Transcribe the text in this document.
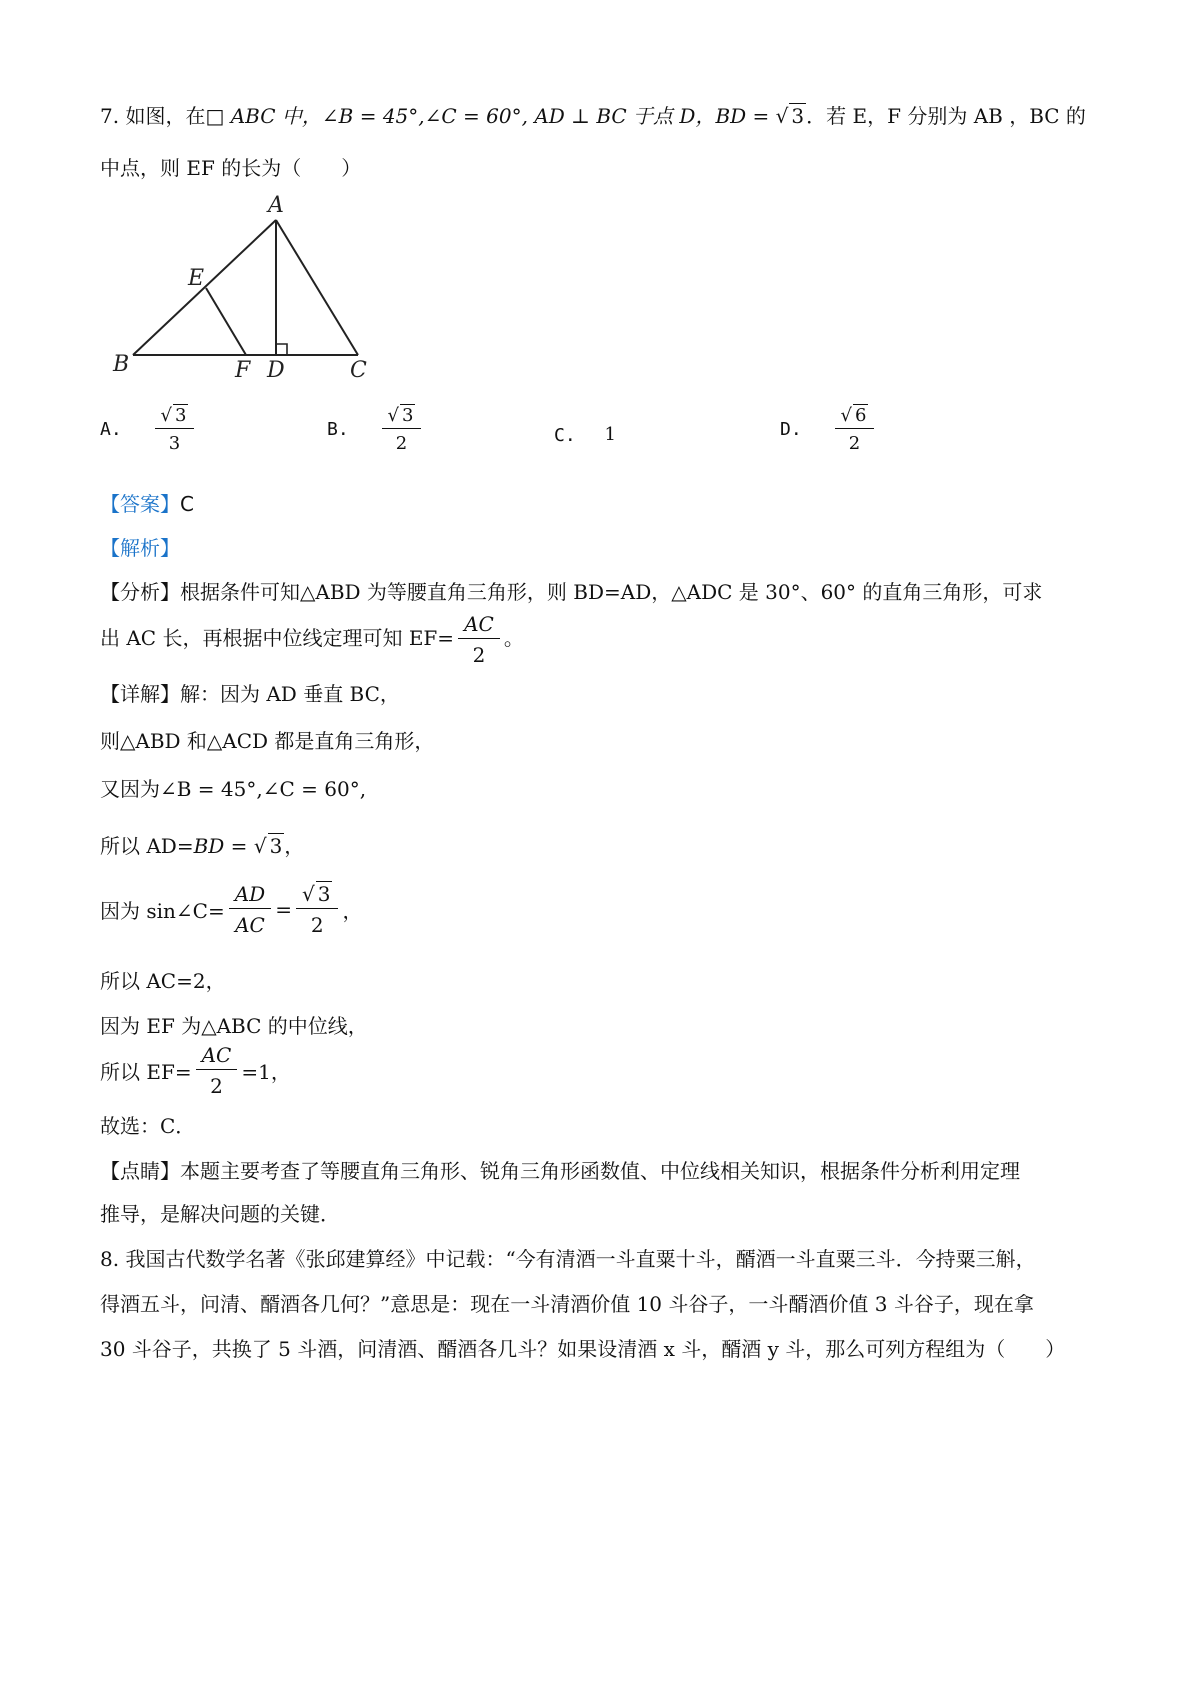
7. 如图，在□ ABC 中，∠B = 45°,∠C = 60°, AD ⊥ BC 于点 D，BD = √ 3 ．若 E，F 分别为 AB ，BC 的
中点，则 EF 的长为（　　）
A
B	C
D
E
F
A. $\frac{√ 3}{3}$	B. $\frac{√ 3}{2}$	C. 1	D. $\frac{√ 6}{2}$
【答案】C
【解析】
【分析】根据条件可知△ABD 为等腰直角三角形，则 BD=AD，△ADC 是 30°、60° 的直角三角形，可求
出 AC 长，再根据中位线定理可知 $EF= \frac{AC}{2}$ 。
【详解】解：因为 AD 垂直 BC，
则△ABD 和△ACD 都是直角三角形，
又因为∠B = 45°,∠C = 60°,
所以 AD=BD = √ 3 ，
因为 sin∠C= $\frac{AD}{AC} = \frac{√ 3}{2}$ ，
所以 AC=2，
因为 EF 为△ABC 的中位线，
所以 $EF= \frac{AC}{2} =1$，
故选：C．
【点睛】本题主要考查了等腰直角三角形、锐角三角形函数值、中位线相关知识，根据条件分析利用定理
推导，是解决问题的关键．
8. 我国古代数学名著《张邱建算经》中记载：“今有清酒一斗直粟十斗，醑酒一斗直粟三斗．今持粟三斛，
得酒五斗，问清、醑酒各几何？”意思是：现在一斗清酒价值 10 斗谷子，一斗醑酒价值 3 斗谷子，现在拿
30 斗谷子，共换了 5 斗酒，问清酒、醑酒各几斗？如果设清酒 x 斗，醑酒 y 斗，那么可列方程组为（　　）
